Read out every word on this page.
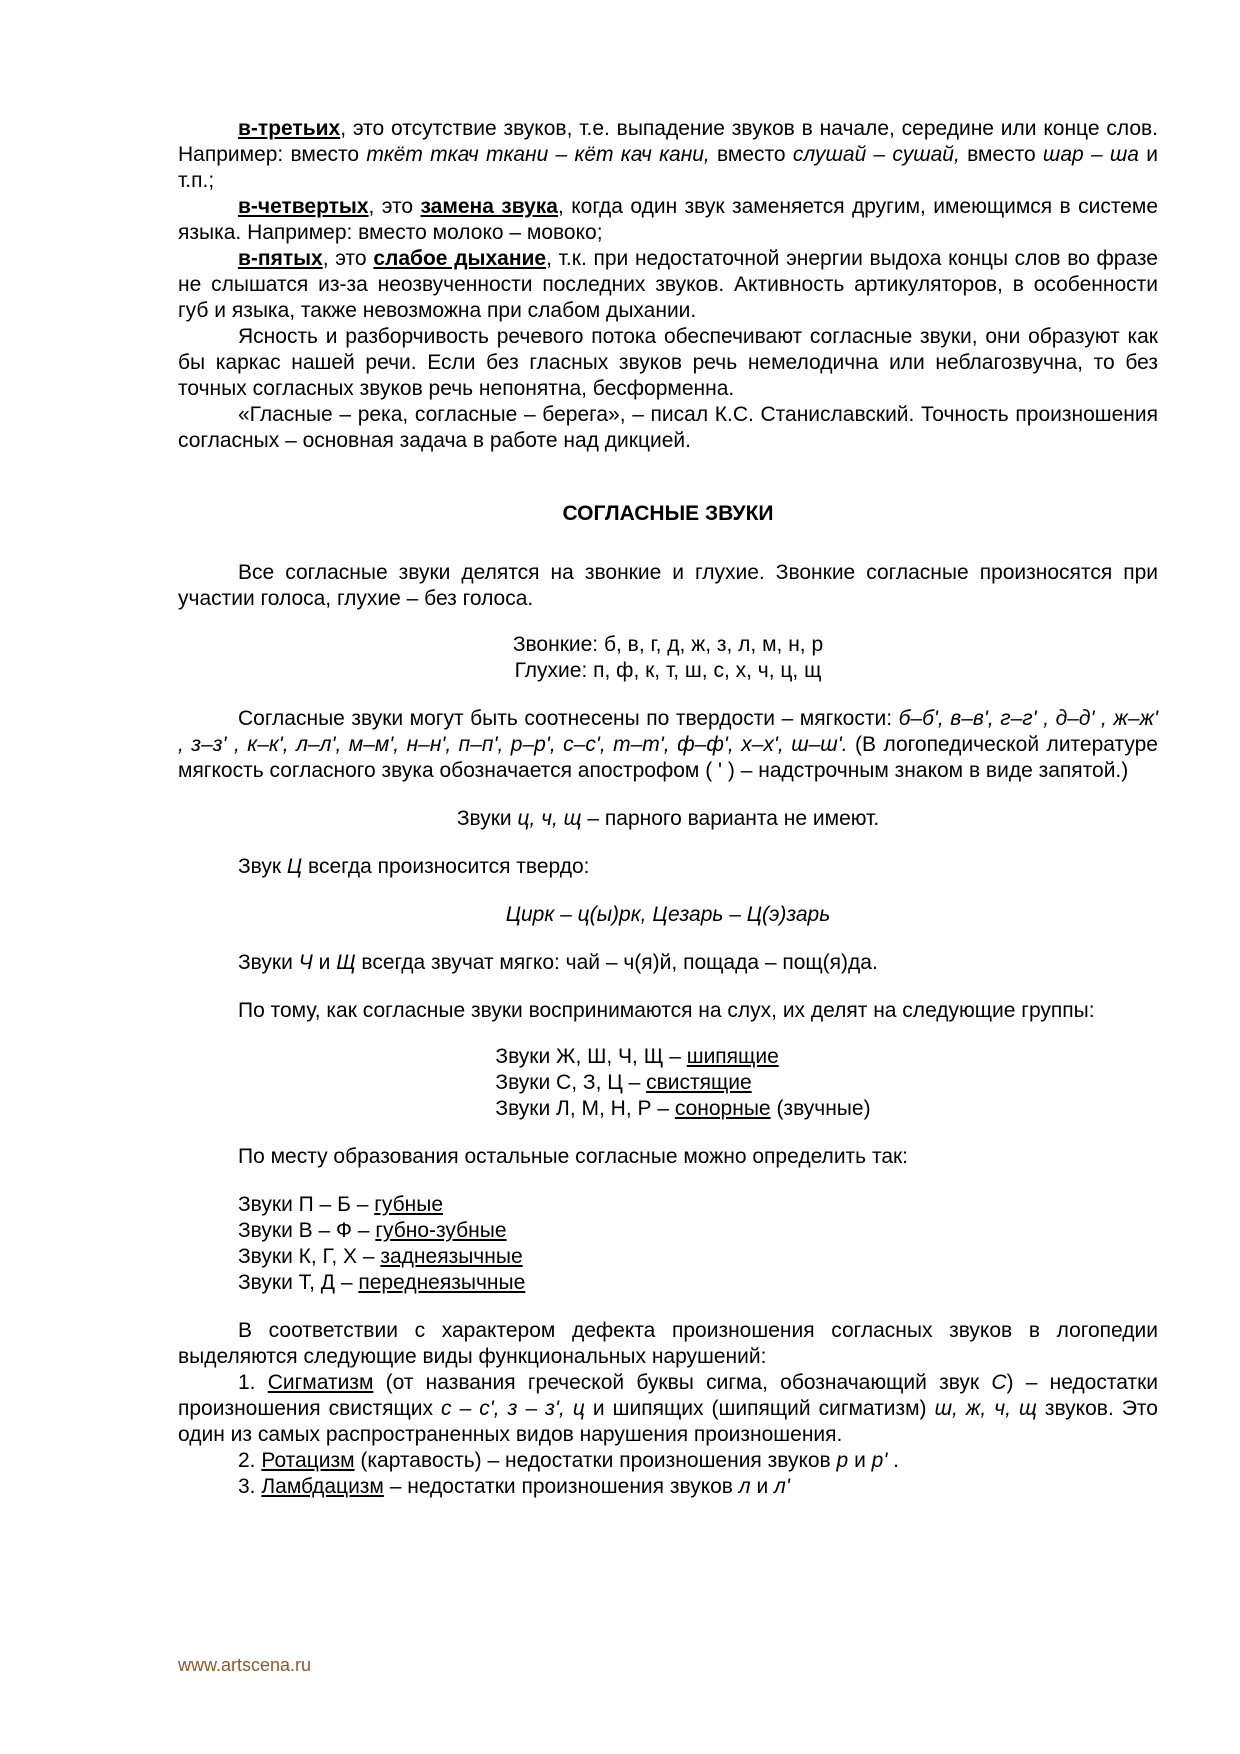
в-третьих, это отсутствие звуков, т.е. выпадение звуков в начале, середине или конце слов. Например: вместо ткёт ткач ткани – кёт кач кани, вместо слушай – сушай, вместо шар – ша и т.п.;

в-четвертых, это замена звука, когда один звук заменяется другим, имеющимся в системе языка. Например: вместо молоко – мовоко;

в-пятых, это слабое дыхание, т.к. при недостаточной энергии выдоха концы слов во фразе не слышатся из-за неозвученности последних звуков. Активность артикуляторов, в особенности губ и языка, также невозможна при слабом дыхании.

Ясность и разборчивость речевого потока обеспечивают согласные звуки, они образуют как бы каркас нашей речи. Если без гласных звуков речь немелодична или неблагозвучна, то без точных согласных звуков речь непонятна, бесформенна.

«Гласные – река, согласные – берега», – писал К.С. Станиславский. Точность произношения согласных – основная задача в работе над дикцией.

СОГЛАСНЫЕ ЗВУКИ

Все согласные звуки делятся на звонкие и глухие. Звонкие согласные произносятся при участии голоса, глухие – без голоса.

Звонкие: б, в, г, д, ж, з, л, м, н, р

Глухие: п, ф, к, т, ш, с, х, ч, ц, щ

Согласные звуки могут быть соотнесены по твердости – мягкости: б–б', в–в', г–г' , д–д' , ж–ж' , з–з' , к–к', л–л', м–м', н–н', п–п', р–р', с–с', т–т', ф–ф', х–х', ш–ш'. (В логопедической литературе мягкость согласного звука обозначается апострофом ( ' ) – надстрочным знаком в виде запятой.)

Звуки ц, ч, щ – парного варианта не имеют.

Звук Ц всегда произносится твердо:

Цирк – ц(ы)рк, Цезарь – Ц(э)зарь

Звуки Ч и Щ всегда звучат мягко: чай – ч(я)й, пощада – пощ(я)да.

По тому, как согласные звуки воспринимаются на слух, их делят на следующие группы:

Звуки Ж, Ш, Ч, Щ – шипящие

Звуки С, З, Ц – свистящие

Звуки Л, М, Н, Р – сонорные (звучные)

По месту образования остальные согласные можно определить так:

Звуки П – Б – губные

Звуки В – Ф – губно-зубные

Звуки К, Г, Х – заднеязычные

Звуки Т, Д – переднеязычные

В соответствии с характером дефекта произношения согласных звуков в логопедии выделяются следующие виды функциональных нарушений:

1. Сигматизм (от названия греческой буквы сигма, обозначающий звук С) – недостатки произношения свистящих с – с', з – з', ц и шипящих (шипящий сигматизм) ш, ж, ч, щ звуков. Это один из самых распространенных видов нарушения произношения.

2. Ротацизм (картавость) – недостатки произношения звуков р и р' .

3. Ламбдацизм – недостатки произношения звуков л и л'

www.artscena.ru
